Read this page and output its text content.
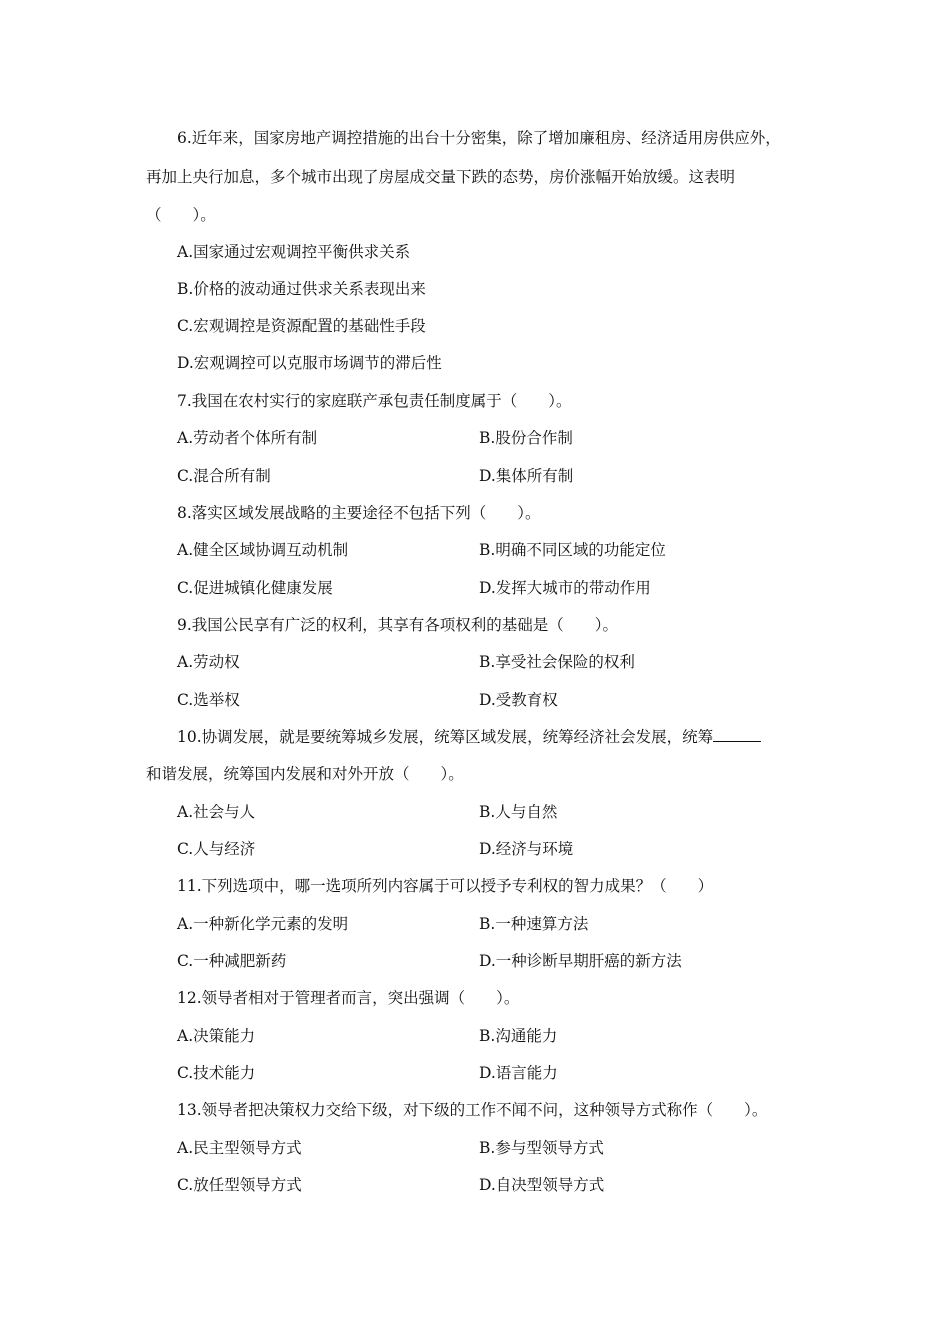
6.近年来，国家房地产调控措施的出台十分密集，除了增加廉租房、经济适用房供应外，
再加上央行加息，多个城市出现了房屋成交量下跌的态势，房价涨幅开始放缓。这表明
（　　）。
A.国家通过宏观调控平衡供求关系
B.价格的波动通过供求关系表现出来
C.宏观调控是资源配置的基础性手段
D.宏观调控可以克服市场调节的滞后性
7.我国在农村实行的家庭联产承包责任制度属于（　　）。
A.劳动者个体所有制	B.股份合作制
C.混合所有制	D.集体所有制
8.落实区域发展战略的主要途径不包括下列（　　）。
A.健全区域协调互动机制	B.明确不同区域的功能定位
C.促进城镇化健康发展	D.发挥大城市的带动作用
9.我国公民享有广泛的权利，其享有各项权利的基础是（　　）。
A.劳动权	B.享受社会保险的权利
C.选举权	D.受教育权
10.协调发展，就是要统筹城乡发展，统筹区域发展，统筹经济社会发展，统筹
和谐发展，统筹国内发展和对外开放（　　）。
A.社会与人	B.人与自然
C.人与经济	D.经济与环境
11.下列选项中，哪一选项所列内容属于可以授予专利权的智力成果？（　　）
A.一种新化学元素的发明	B.一种速算方法
C.一种减肥新药	D.一种诊断早期肝癌的新方法
12.领导者相对于管理者而言，突出强调（　　）。
A.决策能力	B.沟通能力
C.技术能力	D.语言能力
13.领导者把决策权力交给下级，对下级的工作不闻不问，这种领导方式称作（　　）。
A.民主型领导方式	B.参与型领导方式
C.放任型领导方式	D.自决型领导方式
